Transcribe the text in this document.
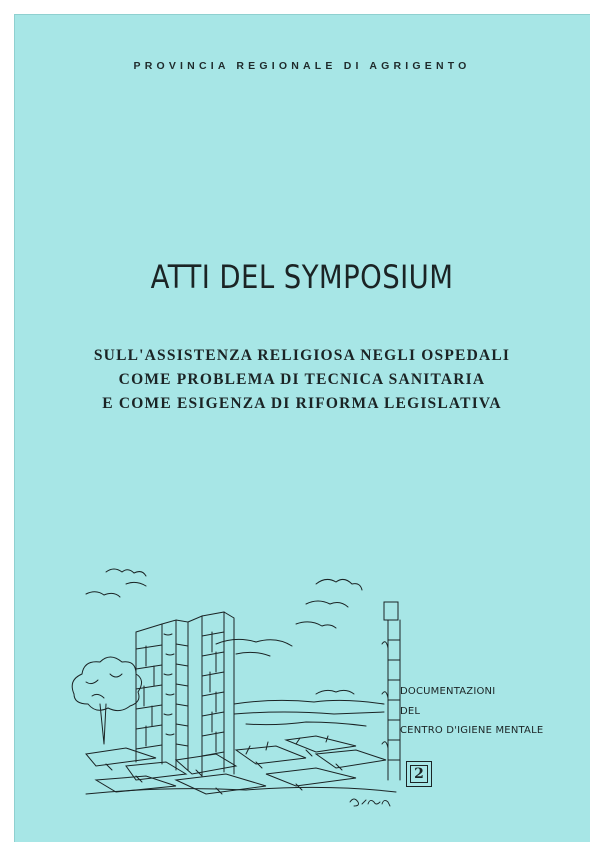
PROVINCIA REGIONALE DI AGRIGENTO
ATTI DEL SYMPOSIUM
SULL'ASSISTENZA RELIGIOSA NEGLI OSPEDALI
COME PROBLEMA DI TECNICA SANITARIA
E COME ESIGENZA DI RIFORMA LEGISLATIVA
DOCUMENTAZIONI
DEL
CENTRO D'IGIENE MENTALE
2
